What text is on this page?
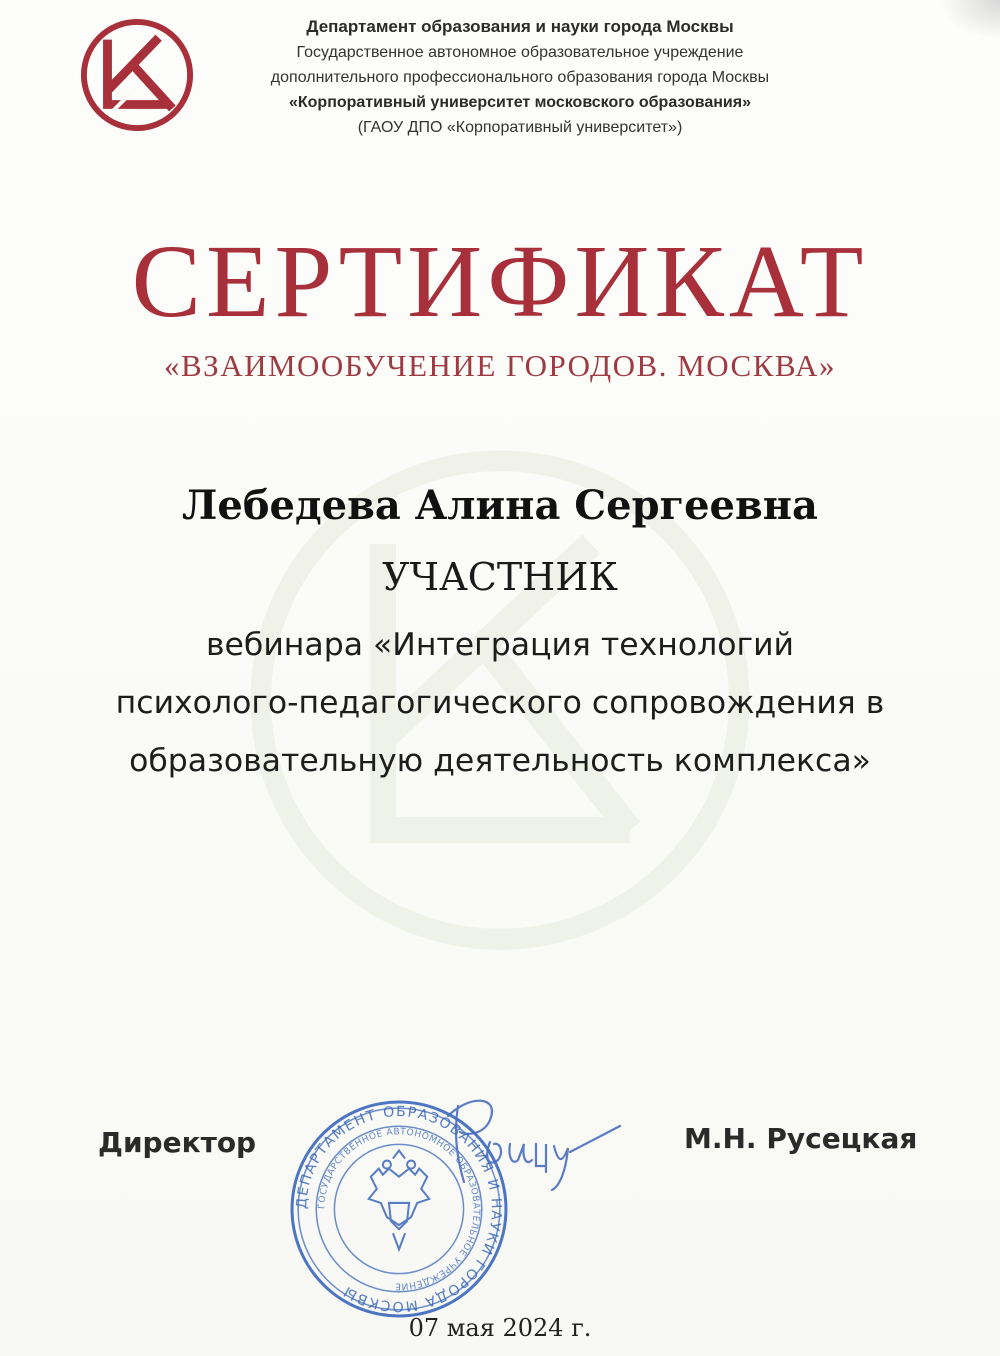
Департамент образования и науки города Москвы
Государственное автономное образовательное учреждение
дополнительного профессионального образования города Москвы
«Корпоративный университет московского образования»
(ГАОУ ДПО «Корпоративный университет»)
СЕРТИФИКАТ
«ВЗАИМООБУЧЕНИЕ ГОРОДОВ. МОСКВА»
Лебедева Алина Сергеевна
УЧАСТНИК
вебинара «Интеграция технологий
психолого-педагогического сопровождения в
образовательную деятельность комплекса»
Директор	М.Н. Русецкая
ДЕПАРТАМЕНТ ОБРАЗОВАНИЯ И НАУКИ ГОРОДА МОСКВЫ
ГОСУДАРСТВЕННОЕ АВТОНОМНОЕ ОБРАЗОВАТЕЛЬНОЕ УЧРЕЖДЕНИЕ
07 мая 2024 г.
